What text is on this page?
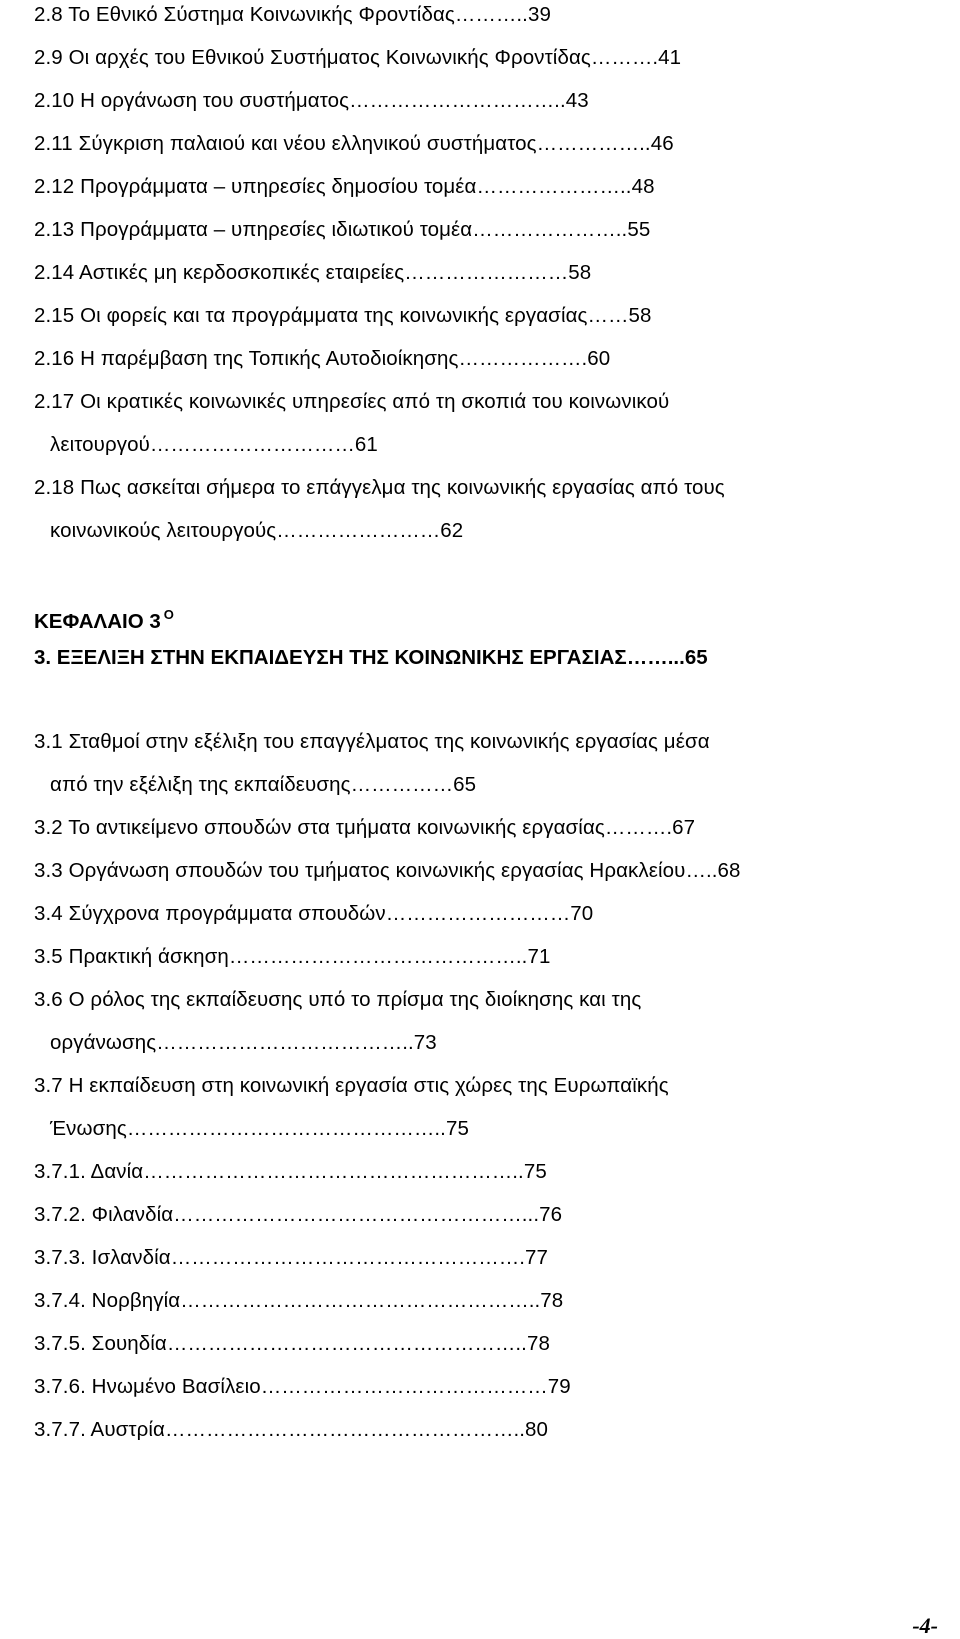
2.8 Το Εθνικό Σύστημα Κοινωνικής Φροντίδας………..39
2.9 Οι αρχές του Εθνικού Συστήματος Κοινωνικής Φροντίδας……….41
2.10 Η οργάνωση του συστήματος…………………………..43
2.11 Σύγκριση παλαιού και νέου ελληνικού συστήματος……………..46
2.12 Προγράμματα – υπηρεσίες δημοσίου τομέα…………………..48
2.13 Προγράμματα – υπηρεσίες ιδιωτικού τομέα…………………..55
2.14 Αστικές μη κερδοσκοπικές εταιρείες……………………58
2.15 Οι φορείς και τα προγράμματα της κοινωνικής εργασίας……58
2.16 Η παρέμβαση της Τοπικής Αυτοδιοίκησης……………….60
2.17 Οι κρατικές κοινωνικές υπηρεσίες από τη σκοπιά του κοινωνικού
λειτουργού…………………………61
2.18 Πως ασκείται σήμερα το επάγγελμα της κοινωνικής εργασίας από τους
κοινωνικούς λειτουργούς……………………62
ΚΕΦΑΛΑΙΟ 3 $^O$
3. ΕΞΕΛΙΞΗ ΣΤΗΝ ΕΚΠΑΙΔΕΥΣΗ ΤΗΣ ΚΟΙΝΩΝΙΚΗΣ ΕΡΓΑΣΙΑΣ……...65
3.1 Σταθμοί στην εξέλιξη του επαγγέλματος της κοινωνικής εργασίας μέσα
από την εξέλιξη της εκπαίδευσης……………65
3.2 Το αντικείμενο σπουδών στα τμήματα κοινωνικής εργασίας……….67
3.3 Οργάνωση σπουδών του τμήματος κοινωνικής εργασίας Ηρακλείου…..68
3.4 Σύγχρονα προγράμματα σπουδών………………………70
3.5 Πρακτική άσκηση……………………………………..71
3.6 Ο ρόλος της εκπαίδευσης υπό το πρίσμα της διοίκησης και της
οργάνωσης………………………………..73
3.7 Η εκπαίδευση στη κοινωνική εργασία στις χώρες της Ευρωπαϊκής
Ένωσης………………………………………..75
3.7.1. Δανία………………………………………………..75
3.7.2. Φιλανδία……………………………………………...76
3.7.3. Ισλανδία…………………………………………….77
3.7.4. Νορβηγία……………………………………………..78
3.7.5. Σουηδία……………………………………………..78
3.7.6. Ηνωμένο Βασίλειο……………………………………79
3.7.7. Αυστρία……………………………………………..80
-4-
